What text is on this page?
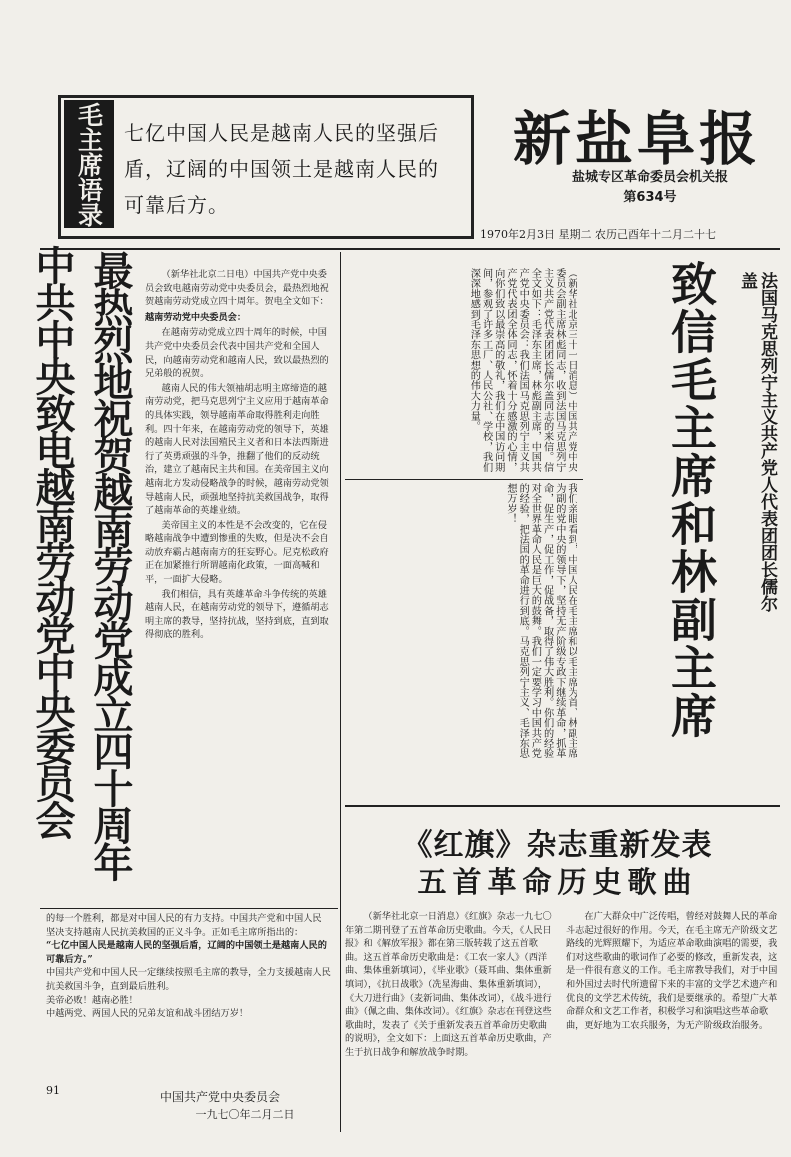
毛主席语录	七亿中国人民是越南人民的坚强后盾，辽阔的中国领土是越南人民的可靠后方。
新盐阜报
盐城专区革命委员会机关报
第634号
1970年2月3日 星期二 农历己酉年十二月二十七
中共中央致电越南劳动党中央委员会 最热烈地祝贺越南劳动党成立四十周年	（新华社北京二日电）中国共产党中央委员会致电越南劳动党中央委员会，最热烈地祝贺越南劳动党成立四十周年。贺电全文如下：

越南劳动党中央委员会：

在越南劳动党成立四十周年的时候，中国共产党中央委员会代表中国共产党和全国人民，向越南劳动党和越南人民，致以最热烈的兄弟般的祝贺。

越南人民的伟大领袖胡志明主席缔造的越南劳动党，把马克思列宁主义应用于越南革命的具体实践，领导越南革命取得胜利走向胜利。四十年来，在越南劳动党的领导下，英雄的越南人民对法国殖民主义者和日本法西斯进行了英勇顽强的斗争，推翻了他们的反动统治，建立了越南民主共和国。在美帝国主义向越南北方发动侵略战争的时候，越南劳动党领导越南人民，顽强地坚持抗美救国战争，取得了越南革命的英雄业绩。

美帝国主义的本性是不会改变的，它在侵略越南战争中遭到惨重的失败，但是决不会自动放弃霸占越南南方的狂妄野心。尼克松政府正在加紧推行所谓越南化政策，一面高喊和平，一面扩大侵略。

我们相信，具有英雄革命斗争传统的英雄越南人民，在越南劳动党的领导下，遵循胡志明主席的教导，坚持抗战，坚持到底，直到取得彻底的胜利。

的每一个胜利，都是对中国人民的有力支持。中国共产党和中国人民

坚决支持越南人民抗美救国的正义斗争。正如毛主席所指出的：

“七亿中国人民是越南人民的坚强后盾，辽阔的中国领土是越南人民的可靠后方。”

中国共产党和中国人民一定继续按照毛主席的教导，全力支援越南人民抗美救国斗争，直到最后胜利。

美帝必败！越南必胜！

中越两党、两国人民的兄弟友谊和战斗团结万岁！

91	中国共产党中央委员会
一九七〇年二月二日
（新华社北京三十一日消息）中国共产党中央委员会副主席林彪同志，收到法国马克思列宁主义共产党代表团团长儒尔盖同志的来信。信全文如下：毛泽东主席，林彪副主席，中国共产党中央委员会：我们法国马克思列宁主义共产党代表团全体同志，怀着十分感激的心情，向你们致以最崇高的敬礼，我们在中国访问期间，参观了许多工厂、人民公社、学校，我们深深地感到毛泽东思想的伟大力量。
我们亲眼看到，中国人民在毛主席和以毛主席为首、林副主席为副的党中央的领导下，坚持无产阶级专政下继续革命，抓革命，促生产，促工作，促战备，取得了伟大胜利。你们的经验对全世界革命人民是巨大的鼓舞。我们一定要学习中国共产党的经验，把法国的革命进行到底。马克思列宁主义、毛泽东思想万岁！	致信毛主席和林副主席	法国马克思列宁主义共产党人代表团团长儒尔盖
《红旗》杂志重新发表
五首革命历史歌曲

（新华社北京一日消息）《红旗》杂志一九七〇年第二期刊登了五首革命历史歌曲。今天，《人民日报》和《解放军报》都在第三版转载了这五首歌曲。这五首革命历史歌曲是：《工农一家人》（西洋曲、集体重新填词），《毕业歌》（聂耳曲、集体重新填词），《抗日战歌》（冼星海曲、集体重新填词），《大刀进行曲》（麦新词曲、集体改词），《战斗进行曲》（佩之曲、集体改词）。《红旗》杂志在刊登这些歌曲时，发表了《关于重新发表五首革命历史歌曲的说明》，全文如下：上面这五首革命历史歌曲，产生于抗日战争和解放战争时期。

在广大群众中广泛传唱，曾经对鼓舞人民的革命斗志起过很好的作用。今天，在毛主席无产阶级文艺路线的光辉照耀下，为适应革命歌曲演唱的需要，我们对这些歌曲的歌词作了必要的修改，重新发表，这是一件很有意义的工作。毛主席教导我们，对于中国和外国过去时代所遗留下来的丰富的文学艺术遗产和优良的文学艺术传统，我们是要继承的。希望广大革命群众和文艺工作者，积极学习和演唱这些革命歌曲，更好地为工农兵服务，为无产阶级政治服务。
